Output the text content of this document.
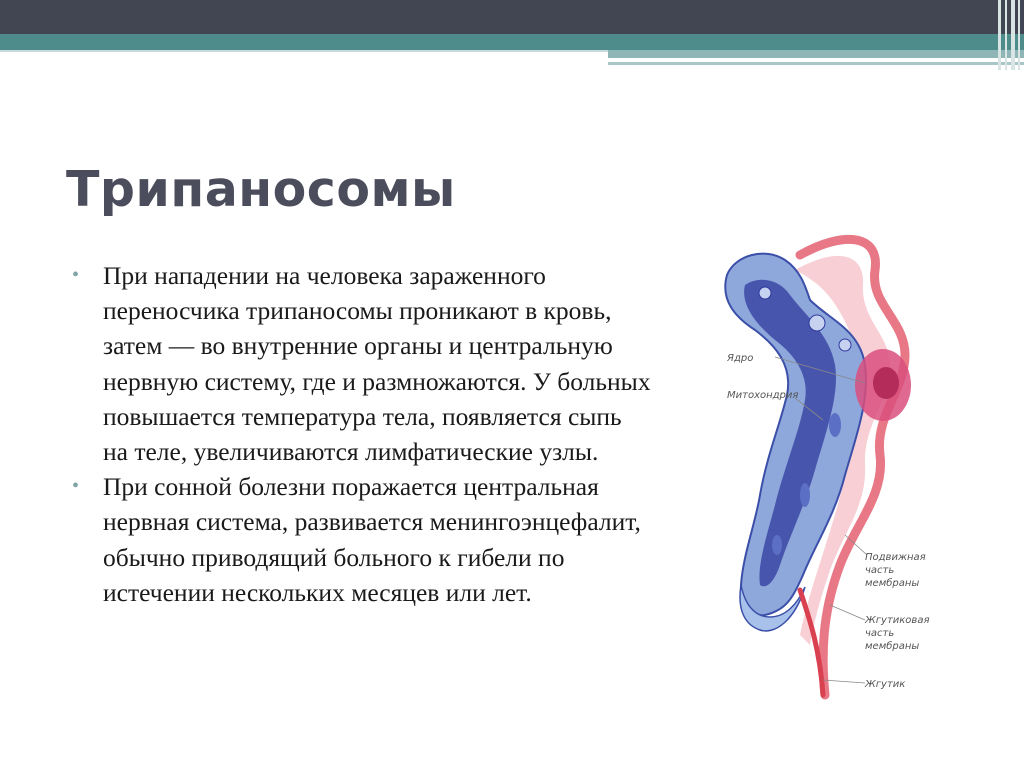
Трипаносомы
• При нападении на человека зараженного переносчика трипаносомы проникают в кровь, затем — во внутренние органы и центральную нервную систему, где и размножаются. У больных повышается температура тела, появляется сыпь на теле, увеличиваются лимфатические узлы.
• При сонной болезни поражается центральная нервная система, развивается менингоэнцефалит, обычно приводящий больного к гибели по истечении нескольких месяцев или лет.
Ядро
Митохондрия
Подвижная
часть
мембраны
Жгутиковая
часть
мембраны
Жгутик
